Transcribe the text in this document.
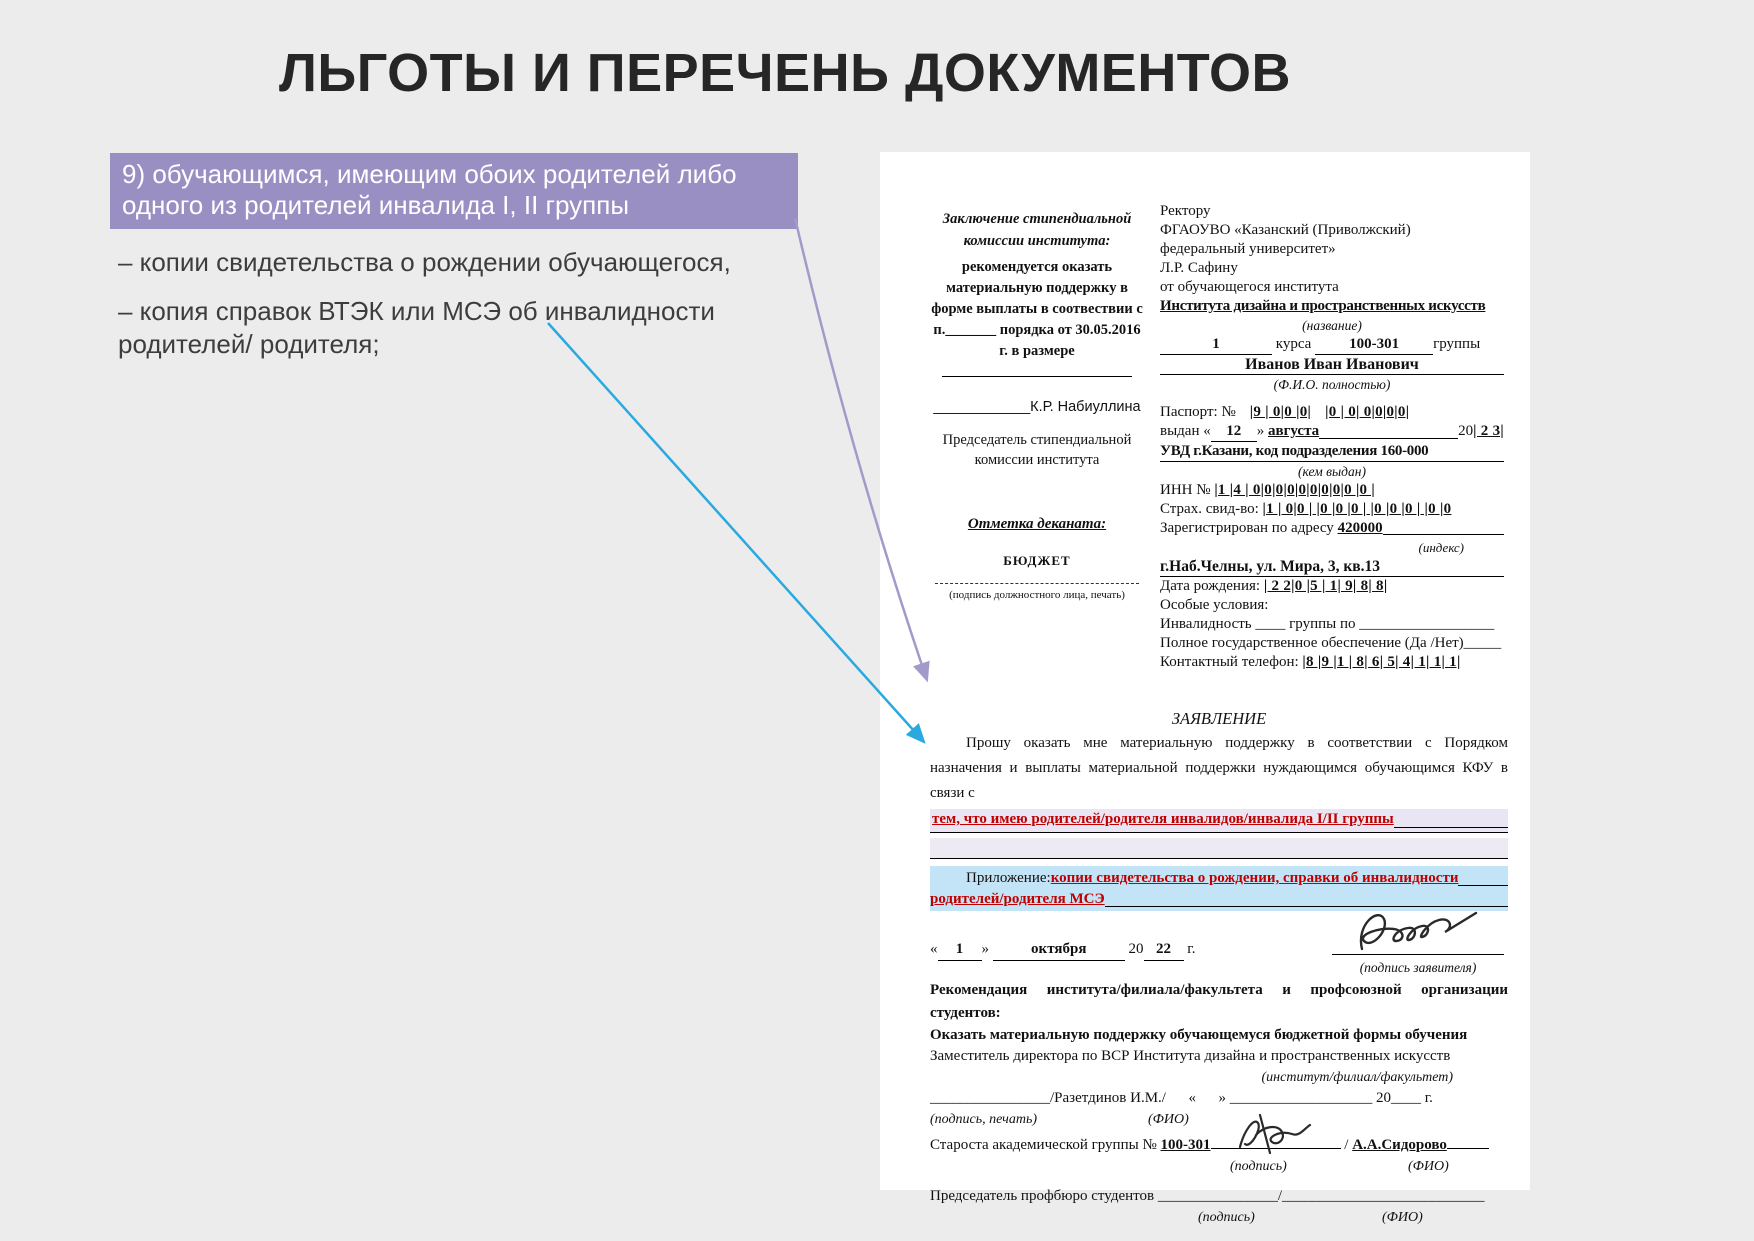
ЛЬГОТЫ И ПЕРЕЧЕНЬ ДОКУМЕНТОВ
9) обучающимся, имеющим обоих родителей либо одного из родителей инвалида I, II группы
– копии свидетельства о рождении обучающегося,
– копия справок ВТЭК или МСЭ об инвалидности родителей/ родителя;
Заключение стипендиальной комиссии института:
рекомендуется оказать материальную поддержку в форме выплаты в соотвествии с п._______ порядка от 30.05.2016 г. в размере
____________К.Р. Набиуллина
Председатель стипендиальной комиссии института
Отметка деканата:
БЮДЖЕТ
(подпись должностного лица, печать)
Ректору
ФГАОУВО «Казанский (Приволжский)
федеральный университет»
Л.Р. Сафину
от обучающегося института
Института дизайна и пространственных искусств
(название)
1	курса	100-301 группы
Иванов Иван Иванович
(Ф.И.О. полностью)
Паспорт: № |9 | 0|0 |0| |0 | 0| 0|0|0|0|
выдан «	12	»
августа	20 | 2 3|
УВД г.Казани, код подразделения 160-000
(кем выдан)
ИНН № |1 |4 | 0|0|0|0|0|0|0|0|0 |0 |
Страх. свид-во: |1 | 0|0 | |0 |0 |0 | |0 |0 |0 | |0 |0
Зарегистрирован по адресу
420000
(индекс)
г.Наб.Челны, ул. Мира, 3, кв.13
Дата рождения: | 2 2|0 |5 | 1| 9| 8| 8|
Особые условия:
Инвалидность ____ группы по __________________
Полное государственное обеспечение (Да /Нет)_____
Контактный телефон: |8 |9 |1 | 8| 6| 5| 4| 1| 1| 1|
ЗАЯВЛЕНИЕ
Прошу оказать мне материальную поддержку в соответствии с Порядком назначения и выплаты материальной поддержки нуждающимся обучающимся КФУ в связи с
тем, что имею родителей/родителя инвалидов/инвалида I/II группы
Приложение: копии свидетельства о рождении, справки об инвалидности
родителей/родителя МСЭ
« 1 »	октября	20 22 г.
(подпись заявителя)
Рекомендация института/филиала/факультета и профсоюзной организации студентов:
Оказать материальную поддержку обучающемуся бюджетной формы обучения
Заместитель директора по ВСР Института дизайна и пространственных искусств
(институт/филиал/факультет)
________________/Разетдинов И.М./      «      » ___________________ 20____ г.
(подпись, печать)	(ФИО)
Староста академической группы № 100-301	/ А.А.Сидорово
(подпись)	(ФИО)
Председатель профбюро студентов ________________/___________________________
(подпись)	(ФИО)
